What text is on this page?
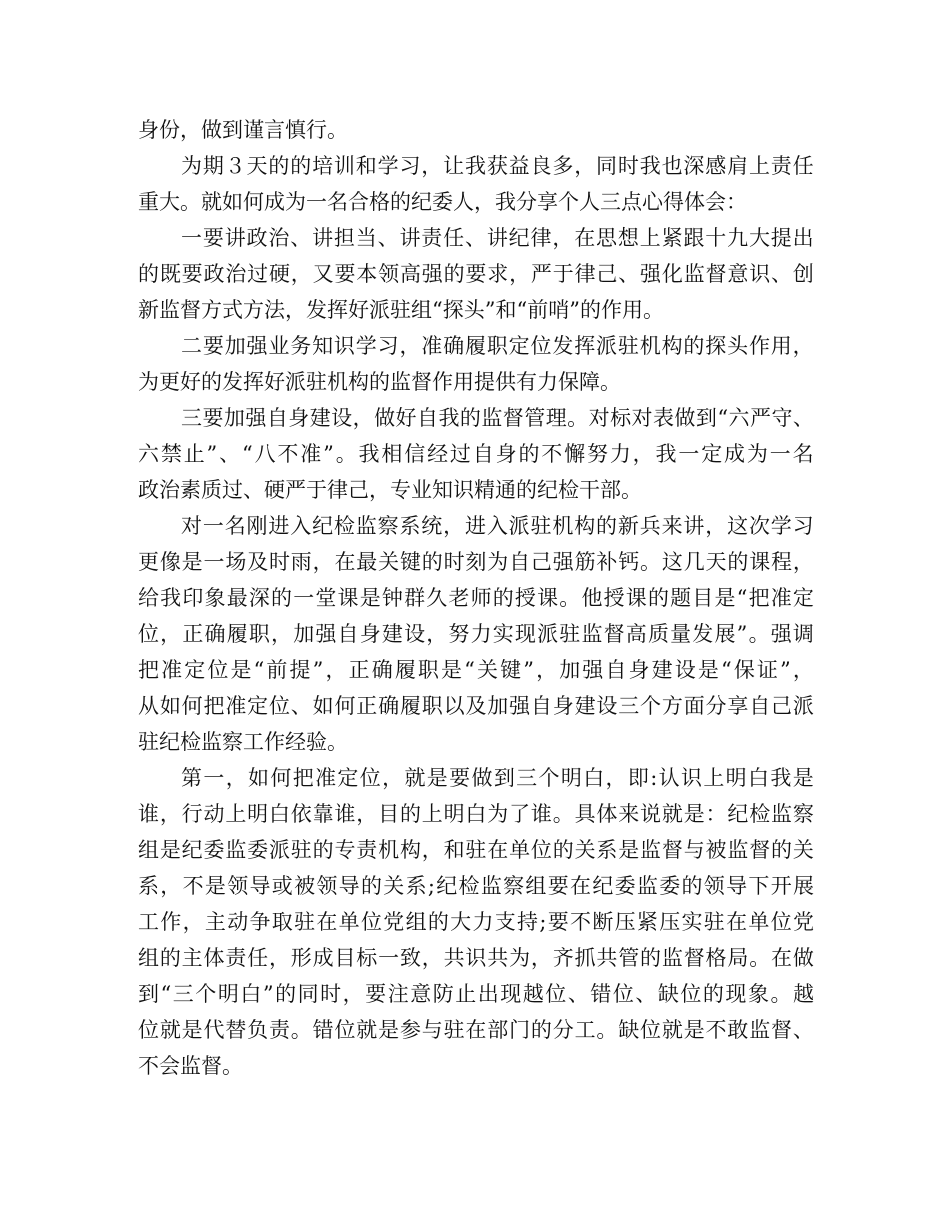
身份，做到谨言慎行。
为 期 ３ 天 的 的 培 训 和 学 习 ， 让 我 获 益 良 多 ， 同 时 我 也 深 感 肩 上 责 任
重大。就如何成为一名合格的纪委人，我分享个人三点心得体会：
一 要 讲 政 治 、 讲 担 当 、 讲 责 任 、 讲 纪 律 ， 在 思 想 上 紧 跟 十 九 大 提 出
的 既 要 政 治 过 硬 ， 又 要 本 领 高 强 的 要 求 ， 严 于 律 己 、 强 化 监 督 意 识 、 创
新监督方式方法，发挥好派驻组“探头”和“前哨”的作用。
二 要 加 强 业 务 知 识 学 习 ， 准 确 履 职 定 位 发 挥 派 驻 机 构 的 探 头 作 用 ，
为更好的发挥好派驻机构的监督作用提供有力保障。
三 要 加 强 自 身 建 设 ， 做 好 自 我 的 监 督 管 理 。 对 标 对 表 做 到 “ 六 严 守 、
六 禁 止 ” 、 “ 八 不 准 ” 。 我 相 信 经 过 自 身 的 不 懈 努 力 ， 我 一 定 成 为 一 名
政治素质过、硬严于律己，专业知识精通的纪检干部。
对 一 名 刚 进 入 纪 检 监 察 系 统 ， 进 入 派 驻 机 构 的 新 兵 来 讲 ， 这 次 学 习
更 像 是 一 场 及 时 雨 ， 在 最 关 键 的 时 刻 为 自 己 强 筋 补 钙 。 这 几 天 的 课 程 ，
给 我 印 象 最 深 的 一 堂 课 是 钟 群 久 老 师 的 授 课 。 他 授 课 的 题 目 是 “ 把 准 定
位 ， 正 确 履 职 ， 加 强 自 身 建 设 ， 努 力 实 现 派 驻 监 督 高 质 量 发 展 ” 。 强 调
把 准 定 位 是 “ 前 提 ” ， 正 确 履 职 是 “ 关 键 ” ， 加 强 自 身 建 设 是 “ 保 证 ” ，
从 如 何 把 准 定 位 、 如 何 正 确 履 职 以 及 加 强 自 身 建 设 三 个 方 面 分 享 自 己 派
驻纪检监察工作经验。
第 一 ， 如 何 把 准 定 位 ， 就 是 要 做 到 三 个 明 白 ， 即 : 认 识 上 明 白 我 是
谁 ， 行 动 上 明 白 依 靠 谁 ， 目 的 上 明 白 为 了 谁 。 具 体 来 说 就 是 ： 纪 检 监 察
组 是 纪 委 监 委 派 驻 的 专 责 机 构 ， 和 驻 在 单 位 的 关 系 是 监 督 与 被 监 督 的 关
系 ， 不 是 领 导 或 被 领 导 的 关 系 ; 纪 检 监 察 组 要 在 纪 委 监 委 的 领 导 下 开 展
工 作 ， 主 动 争 取 驻 在 单 位 党 组 的 大 力 支 持 ; 要 不 断 压 紧 压 实 驻 在 单 位 党
组 的 主 体 责 任 ， 形 成 目 标 一 致 ， 共 识 共 为 ， 齐 抓 共 管 的 监 督 格 局 。 在 做
到 “ 三 个 明 白 ” 的 同 时 ， 要 注 意 防 止 出 现 越 位 、 错 位 、 缺 位 的 现 象 。 越
位 就 是 代 替 负 责 。 错 位 就 是 参 与 驻 在 部 门 的 分 工 。 缺 位 就 是 不 敢 监 督 、
不会监督。
